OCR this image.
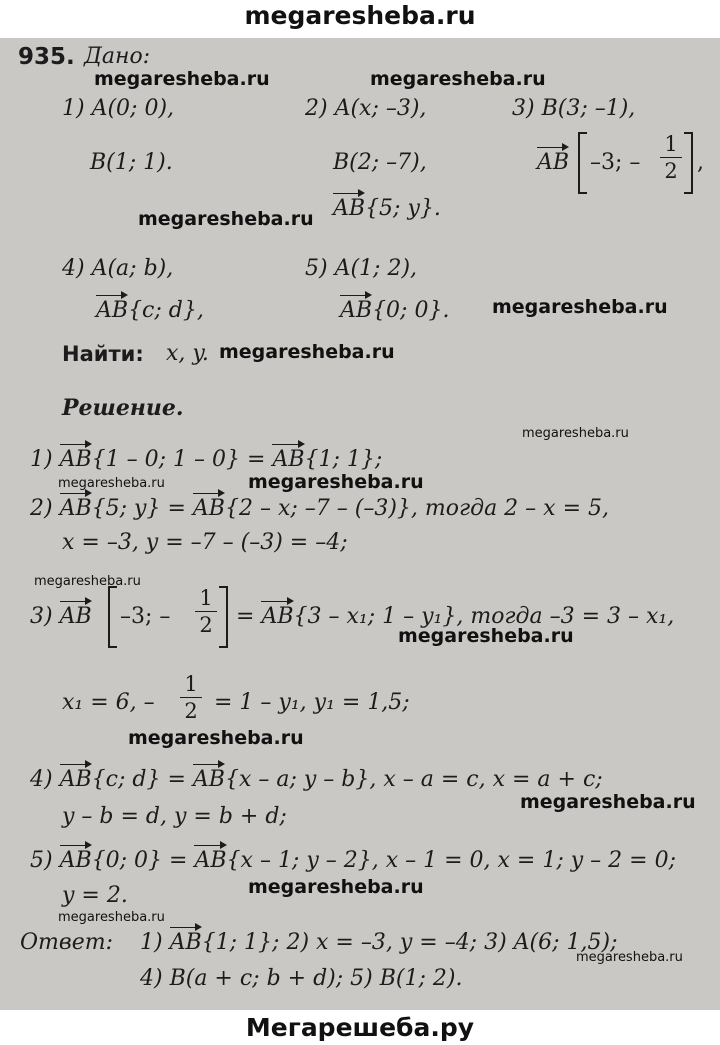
megaresheba.ru
megaresheba.ru	megaresheba.ru
megaresheba.ru
megaresheba.ru
megaresheba.ru
megaresheba.ru
megaresheba.ru
megaresheba.ru
megaresheba.ru
megaresheba.ru
megaresheba.ru
megaresheba.ru
megaresheba.ru
megaresheba.ru
megaresheba.ru
935. Дано:
1) A(0; 0),
B(1; 1).
2) A(x; –3),
B(2; –7),
AB{5; y}.
3) B(3; –1),
AB –3; –
1
2 ,
4) A(a; b),
AB{c; d},
5) A(1; 2),
AB{0; 0}.
Найти: x, y.
Решение.
1) AB{1 – 0; 1 – 0} = AB{1; 1};
2) AB{5; y} = AB{2 – x; –7 – (–3)}, тогда 2 – x = 5,
x = –3, y = –7 – (–3) = –4;
3) AB –3; –
1
2 = AB{3 – x₁; 1 – y₁}, тогда –3 = 3 – x₁,
x₁ = 6, –
1
2 = 1 – y₁, y₁ = 1,5;
4) AB{c; d} = AB{x – a; y – b}, x – a = c, x = a + c;
y – b = d, y = b + d;
5) AB{0; 0} = AB{x – 1; y – 2}, x – 1 = 0, x = 1; y – 2 = 0;
y = 2.
Ответ: 1) AB{1; 1}; 2) x = –3, y = –4; 3) A(6; 1,5);
4) B(a + c; b + d); 5) B(1; 2).
Мегарешеба.ру
